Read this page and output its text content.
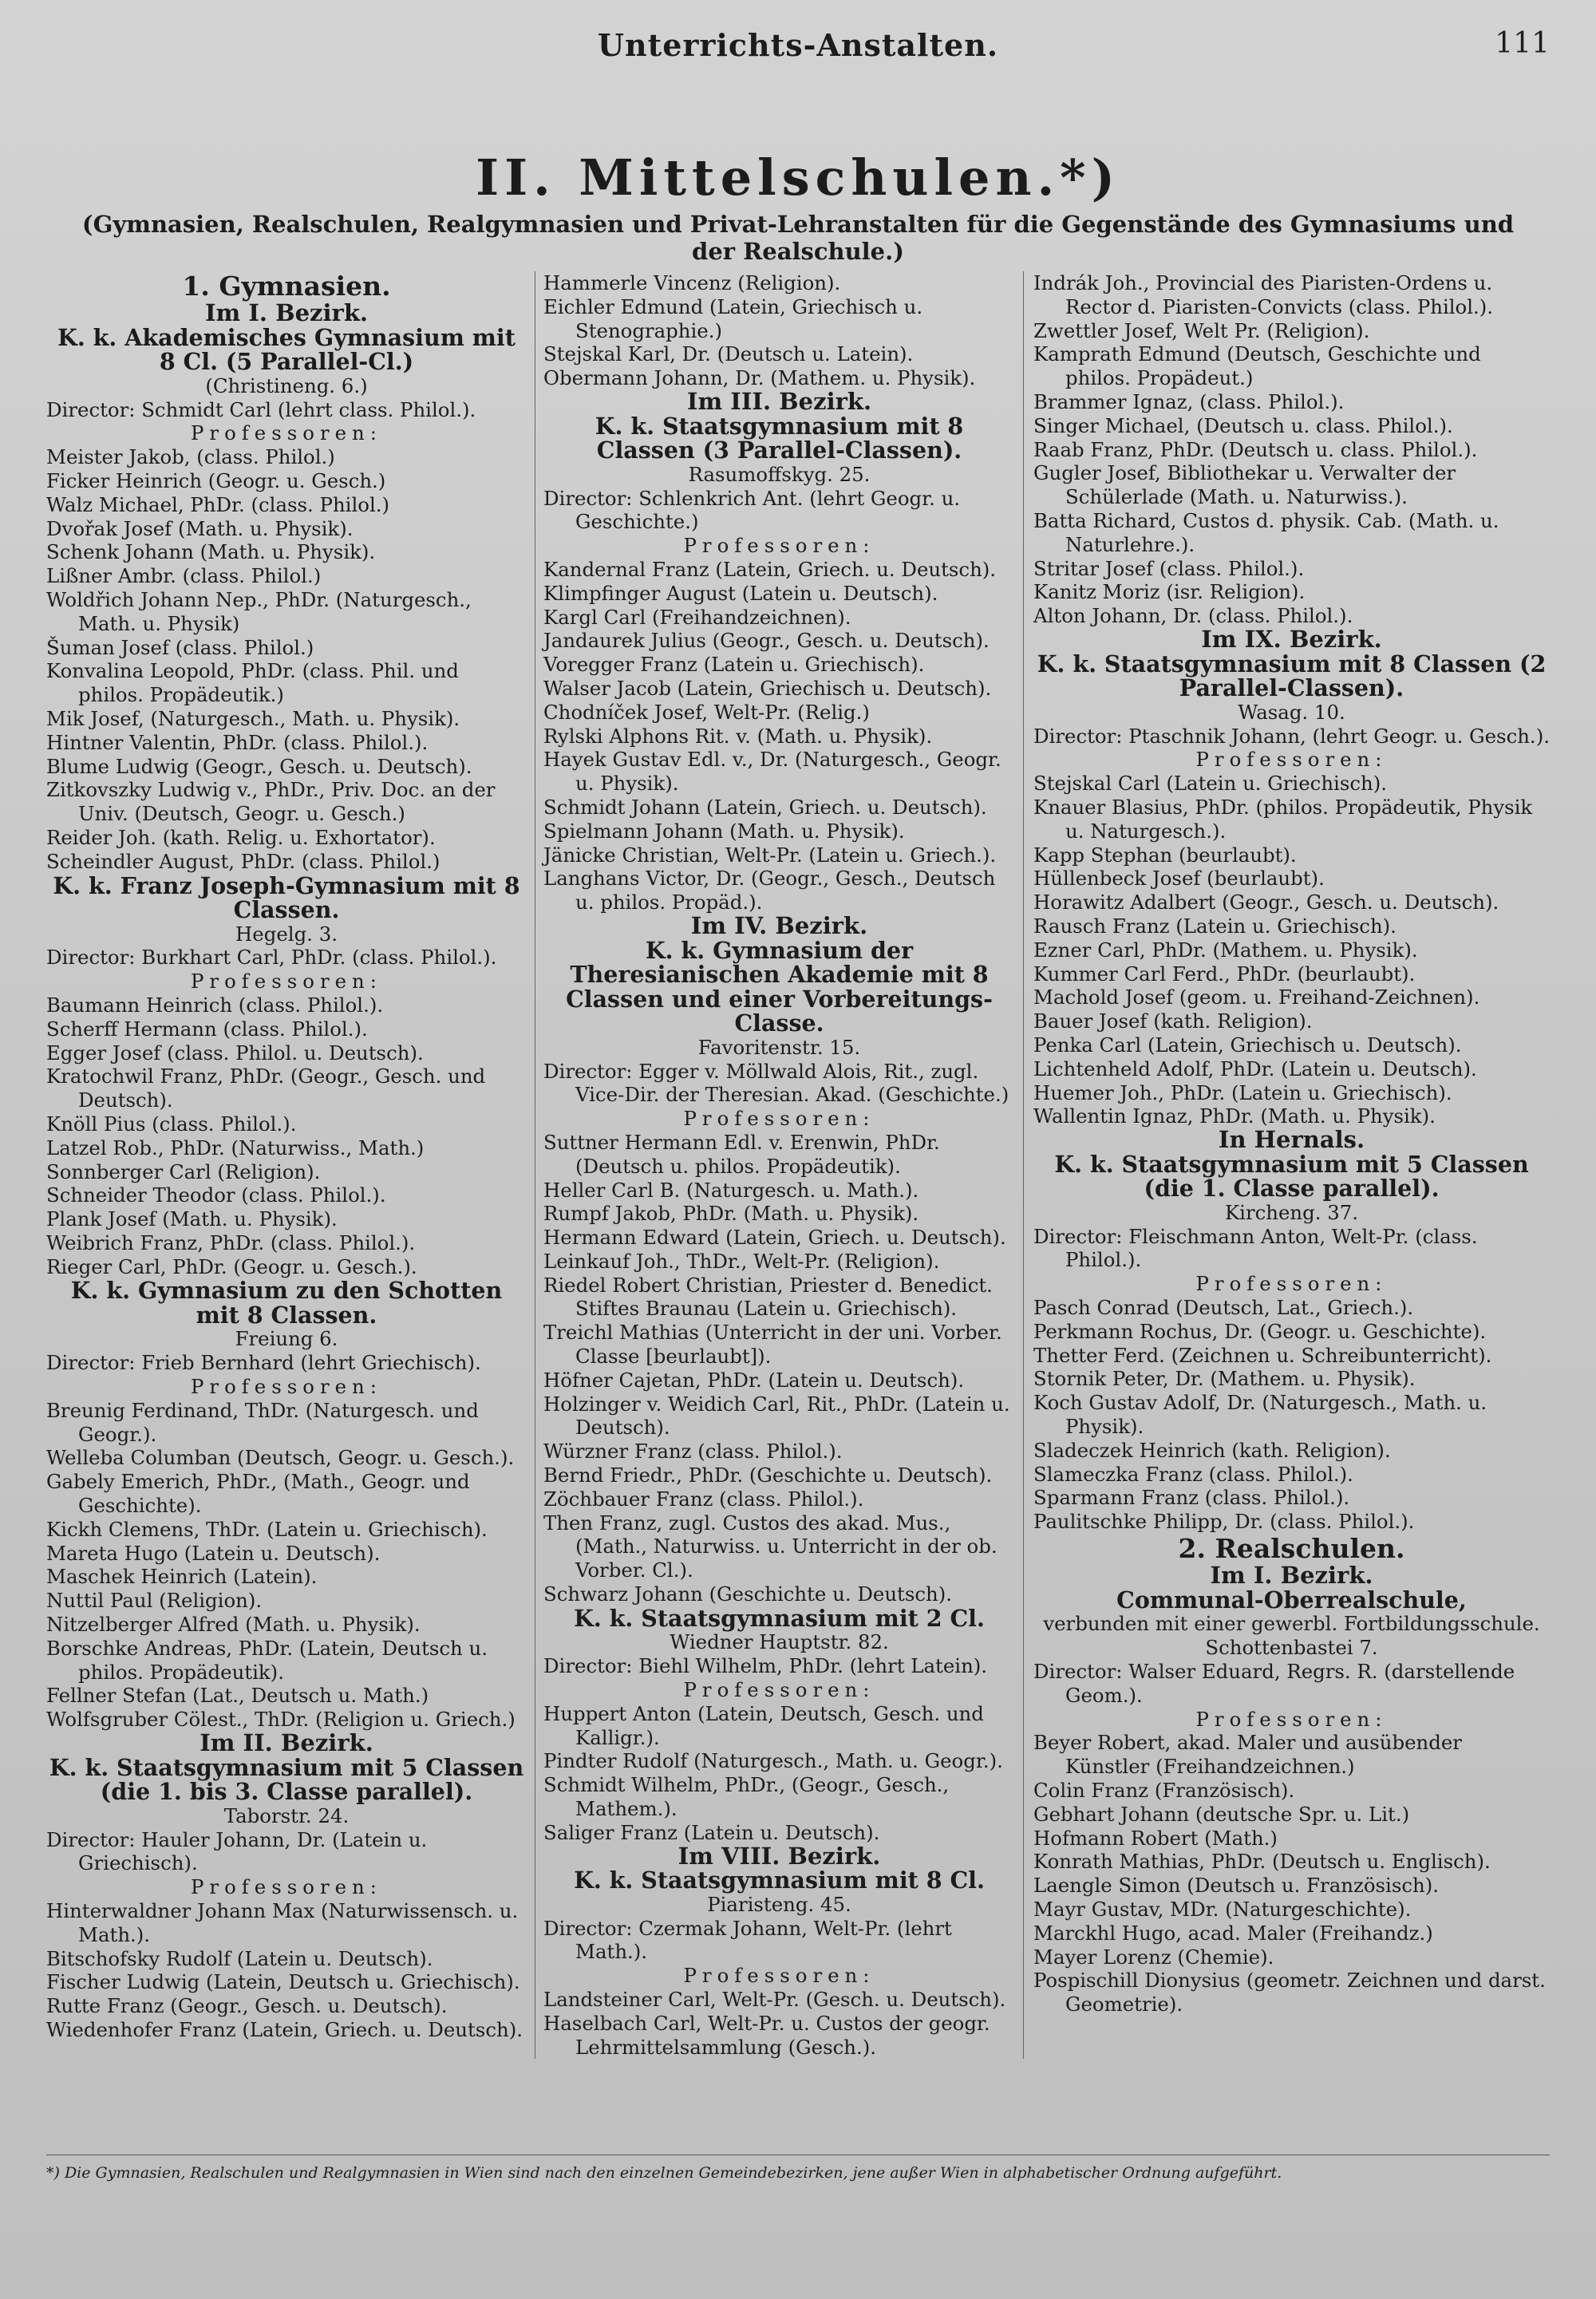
Unterrichts-Anstalten.	111
II. Mittelschulen.*)
(Gymnasien, Realschulen, Realgymnasien und Privat-Lehranstalten für die Gegenstände des Gymnasiums und der Realschule.)
1. Gymnasien.
Im I. Bezirk.
K. k. Akademisches Gymnasium mit 8 Cl. (5 Parallel-Cl.)
(Christineng. 6.)
Director: Schmidt Carl (lehrt class. Philol.).
Professoren:
Meister Jakob, (class. Philol.)
Ficker Heinrich (Geogr. u. Gesch.)
Walz Michael, PhDr. (class. Philol.)
Dvořak Josef (Math. u. Physik).
Schenk Johann (Math. u. Physik).
Lißner Ambr. (class. Philol.)
Woldřich Johann Nep., PhDr. (Naturgesch., Math. u. Physik)
Šuman Josef (class. Philol.)
Konvalina Leopold, PhDr. (class. Phil. und philos. Propädeutik.)
Mik Josef, (Naturgesch., Math. u. Physik).
Hintner Valentin, PhDr. (class. Philol.).
Blume Ludwig (Geogr., Gesch. u. Deutsch).
Zitkovszky Ludwig v., PhDr., Priv. Doc. an der Univ. (Deutsch, Geogr. u. Gesch.)
Reider Joh. (kath. Relig. u. Exhortator).
Scheindler August, PhDr. (class. Philol.)
K. k. Franz Joseph-Gymnasium mit 8 Classen.
Hegelg. 3.
Director: Burkhart Carl, PhDr. (class. Philol.).
Professoren:
Baumann Heinrich (class. Philol.).
Scherff Hermann (class. Philol.).
Egger Josef (class. Philol. u. Deutsch).
Kratochwil Franz, PhDr. (Geogr., Gesch. und Deutsch).
Knöll Pius (class. Philol.).
Latzel Rob., PhDr. (Naturwiss., Math.)
Sonnberger Carl (Religion).
Schneider Theodor (class. Philol.).
Plank Josef (Math. u. Physik).
Weibrich Franz, PhDr. (class. Philol.).
Rieger Carl, PhDr. (Geogr. u. Gesch.).
K. k. Gymnasium zu den Schotten mit 8 Classen.
Freiung 6.
Director: Frieb Bernhard (lehrt Griechisch).
Professoren:
Breunig Ferdinand, ThDr. (Naturgesch. und Geogr.).
Welleba Columban (Deutsch, Geogr. u. Gesch.).
Gabely Emerich, PhDr., (Math., Geogr. und Geschichte).
Kickh Clemens, ThDr. (Latein u. Griechisch).
Mareta Hugo (Latein u. Deutsch).
Maschek Heinrich (Latein).
Nuttil Paul (Religion).
Nitzelberger Alfred (Math. u. Physik).
Borschke Andreas, PhDr. (Latein, Deutsch u. philos. Propädeutik).
Fellner Stefan (Lat., Deutsch u. Math.)
Wolfsgruber Cölest., ThDr. (Religion u. Griech.)
Im II. Bezirk.
K. k. Staatsgymnasium mit 5 Classen (die 1. bis 3. Classe parallel).
Taborstr. 24.
Director: Hauler Johann, Dr. (Latein u. Griechisch).
Professoren:
Hinterwaldner Johann Max (Naturwissensch. u. Math.).
Bitschofsky Rudolf (Latein u. Deutsch).
Fischer Ludwig (Latein, Deutsch u. Griechisch).
Rutte Franz (Geogr., Gesch. u. Deutsch).
Wiedenhofer Franz (Latein, Griech. u. Deutsch).
Hammerle Vincenz (Religion).
Eichler Edmund (Latein, Griechisch u. Stenographie.)
Stejskal Karl, Dr. (Deutsch u. Latein).
Obermann Johann, Dr. (Mathem. u. Physik).
Im III. Bezirk.
K. k. Staatsgymnasium mit 8 Classen (3 Parallel-Classen).
Rasumoffskyg. 25.
Director: Schlenkrich Ant. (lehrt Geogr. u. Geschichte.)
Professoren:
Kandernal Franz (Latein, Griech. u. Deutsch).
Klimpfinger August (Latein u. Deutsch).
Kargl Carl (Freihandzeichnen).
Jandaurek Julius (Geogr., Gesch. u. Deutsch).
Voregger Franz (Latein u. Griechisch).
Walser Jacob (Latein, Griechisch u. Deutsch).
Chodníček Josef, Welt-Pr. (Relig.)
Rylski Alphons Rit. v. (Math. u. Physik).
Hayek Gustav Edl. v., Dr. (Naturgesch., Geogr. u. Physik).
Schmidt Johann (Latein, Griech. u. Deutsch).
Spielmann Johann (Math. u. Physik).
Jänicke Christian, Welt-Pr. (Latein u. Griech.).
Langhans Victor, Dr. (Geogr., Gesch., Deutsch u. philos. Propäd.).
Im IV. Bezirk.
K. k. Gymnasium der Theresianischen Akademie mit 8 Classen und einer Vorbereitungs-Classe.
Favoritenstr. 15.
Director: Egger v. Möllwald Alois, Rit., zugl. Vice-Dir. der Theresian. Akad. (Geschichte.)
Professoren:
Suttner Hermann Edl. v. Erenwin, PhDr. (Deutsch u. philos. Propädeutik).
Heller Carl B. (Naturgesch. u. Math.).
Rumpf Jakob, PhDr. (Math. u. Physik).
Hermann Edward (Latein, Griech. u. Deutsch).
Leinkauf Joh., ThDr., Welt-Pr. (Religion).
Riedel Robert Christian, Priester d. Benedict. Stiftes Braunau (Latein u. Griechisch).
Treichl Mathias (Unterricht in der uni. Vorber. Classe [beurlaubt]).
Höfner Cajetan, PhDr. (Latein u. Deutsch).
Holzinger v. Weidich Carl, Rit., PhDr. (Latein u. Deutsch).
Würzner Franz (class. Philol.).
Bernd Friedr., PhDr. (Geschichte u. Deutsch).
Zöchbauer Franz (class. Philol.).
Then Franz, zugl. Custos des akad. Mus., (Math., Naturwiss. u. Unterricht in der ob. Vorber. Cl.).
Schwarz Johann (Geschichte u. Deutsch).
K. k. Staatsgymnasium mit 2 Cl.
Wiedner Hauptstr. 82.
Director: Biehl Wilhelm, PhDr. (lehrt Latein).
Professoren:
Huppert Anton (Latein, Deutsch, Gesch. und Kalligr.).
Pindter Rudolf (Naturgesch., Math. u. Geogr.).
Schmidt Wilhelm, PhDr., (Geogr., Gesch., Mathem.).
Saliger Franz (Latein u. Deutsch).
Im VIII. Bezirk.
K. k. Staatsgymnasium mit 8 Cl.
Piaristeng. 45.
Director: Czermak Johann, Welt-Pr. (lehrt Math.).
Professoren:
Landsteiner Carl, Welt-Pr. (Gesch. u. Deutsch).
Haselbach Carl, Welt-Pr. u. Custos der geogr. Lehrmittelsammlung (Gesch.).
Indrák Joh., Provincial des Piaristen-Ordens u. Rector d. Piaristen-Convicts (class. Philol.).
Zwettler Josef, Welt Pr. (Religion).
Kamprath Edmund (Deutsch, Geschichte und philos. Propädeut.)
Brammer Ignaz, (class. Philol.).
Singer Michael, (Deutsch u. class. Philol.).
Raab Franz, PhDr. (Deutsch u. class. Philol.).
Gugler Josef, Bibliothekar u. Verwalter der Schülerlade (Math. u. Naturwiss.).
Batta Richard, Custos d. physik. Cab. (Math. u. Naturlehre.).
Stritar Josef (class. Philol.).
Kanitz Moriz (isr. Religion).
Alton Johann, Dr. (class. Philol.).
Im IX. Bezirk.
K. k. Staatsgymnasium mit 8 Classen (2 Parallel-Classen).
Wasag. 10.
Director: Ptaschnik Johann, (lehrt Geogr. u. Gesch.).
Professoren:
Stejskal Carl (Latein u. Griechisch).
Knauer Blasius, PhDr. (philos. Propädeutik, Physik u. Naturgesch.).
Kapp Stephan (beurlaubt).
Hüllenbeck Josef (beurlaubt).
Horawitz Adalbert (Geogr., Gesch. u. Deutsch).
Rausch Franz (Latein u. Griechisch).
Ezner Carl, PhDr. (Mathem. u. Physik).
Kummer Carl Ferd., PhDr. (beurlaubt).
Machold Josef (geom. u. Freihand-Zeichnen).
Bauer Josef (kath. Religion).
Penka Carl (Latein, Griechisch u. Deutsch).
Lichtenheld Adolf, PhDr. (Latein u. Deutsch).
Huemer Joh., PhDr. (Latein u. Griechisch).
Wallentin Ignaz, PhDr. (Math. u. Physik).
In Hernals.
K. k. Staatsgymnasium mit 5 Classen (die 1. Classe parallel).
Kircheng. 37.
Director: Fleischmann Anton, Welt-Pr. (class. Philol.).
Professoren:
Pasch Conrad (Deutsch, Lat., Griech.).
Perkmann Rochus, Dr. (Geogr. u. Geschichte).
Thetter Ferd. (Zeichnen u. Schreibunterricht).
Stornik Peter, Dr. (Mathem. u. Physik).
Koch Gustav Adolf, Dr. (Naturgesch., Math. u. Physik).
Sladeczek Heinrich (kath. Religion).
Slameczka Franz (class. Philol.).
Sparmann Franz (class. Philol.).
Paulitschke Philipp, Dr. (class. Philol.).
2. Realschulen.
Im I. Bezirk.
Communal-Oberrealschule,
verbunden mit einer gewerbl. Fortbildungsschule.
Schottenbastei 7.
Director: Walser Eduard, Regrs. R. (darstellende Geom.).
Professoren:
Beyer Robert, akad. Maler und ausübender Künstler (Freihandzeichnen.)
Colin Franz (Französisch).
Gebhart Johann (deutsche Spr. u. Lit.)
Hofmann Robert (Math.)
Konrath Mathias, PhDr. (Deutsch u. Englisch).
Laengle Simon (Deutsch u. Französisch).
Mayr Gustav, MDr. (Naturgeschichte).
Marckhl Hugo, acad. Maler (Freihandz.)
Mayer Lorenz (Chemie).
Pospischill Dionysius (geometr. Zeichnen und darst. Geometrie).
*) Die Gymnasien, Realschulen und Realgymnasien in Wien sind nach den einzelnen Gemeindebezirken, jene außer Wien in alphabetischer Ordnung aufgeführt.
